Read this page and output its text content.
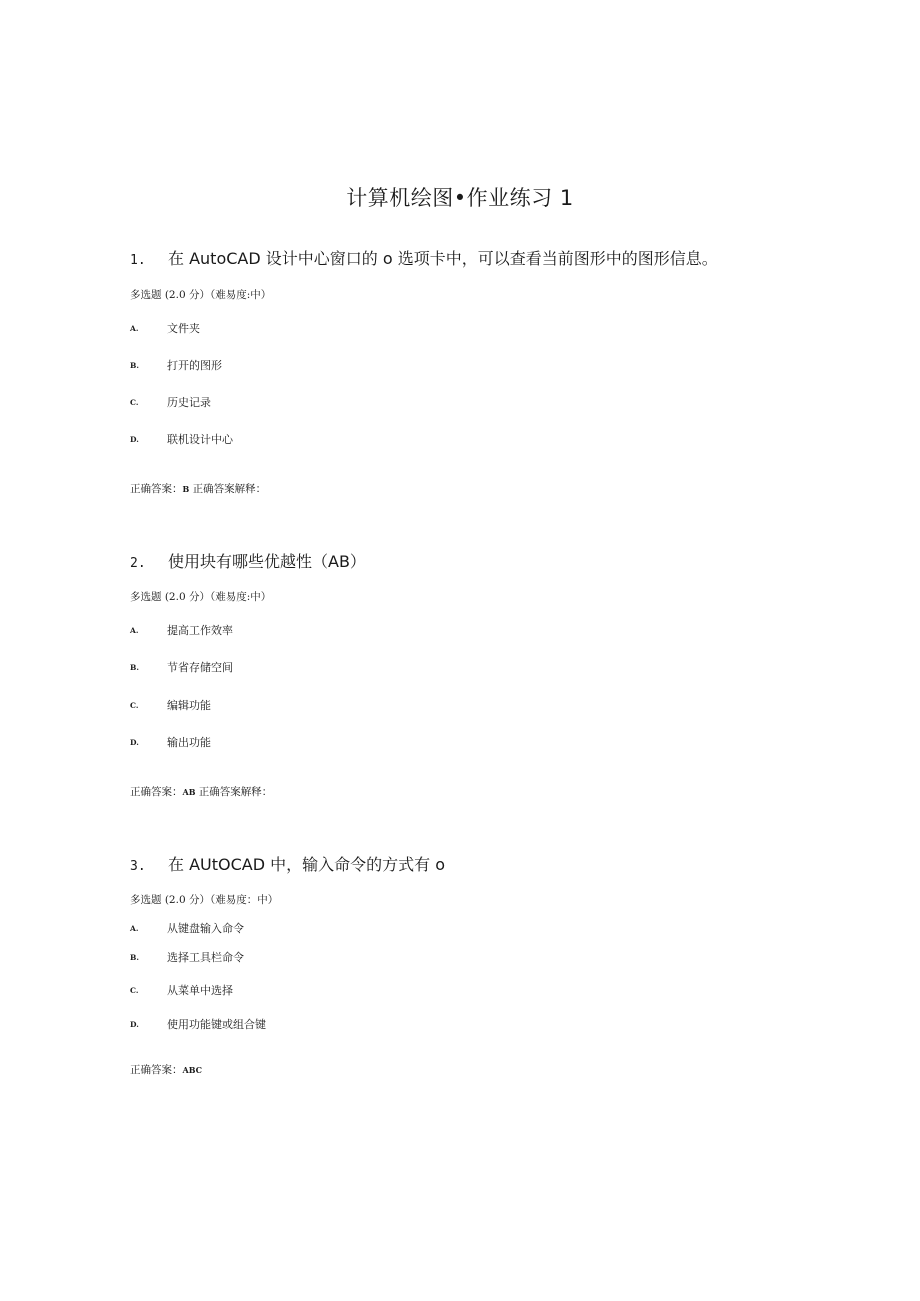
计算机绘图•作业练习 1
1. 在 AutoCAD 设计中心窗口的 o 选项卡中，可以查看当前图形中的图形信息。
多选题 (2.0 分）（难易度:中）
A.	文件夹
B.	打开的图形
C.	历史记录
D.	联机设计中心
正确答案：B 正确答案解释：
2. 使用块有哪些优越性（AB）
多选题 (2.0 分）（难易度:中）
A.	提高工作效率
B.	节省存储空间
C.	编辑功能
D.	输出功能
正确答案：AB 正确答案解释：
3. 在 AUtOCAD 中，输入命令的方式有 o
多选题 (2.0 分）（难易度：中）
A.	从键盘输入命令
B.	选择工具栏命令
C.	从菜单中选择
D.	使用功能键或组合键
正确答案：ABC
